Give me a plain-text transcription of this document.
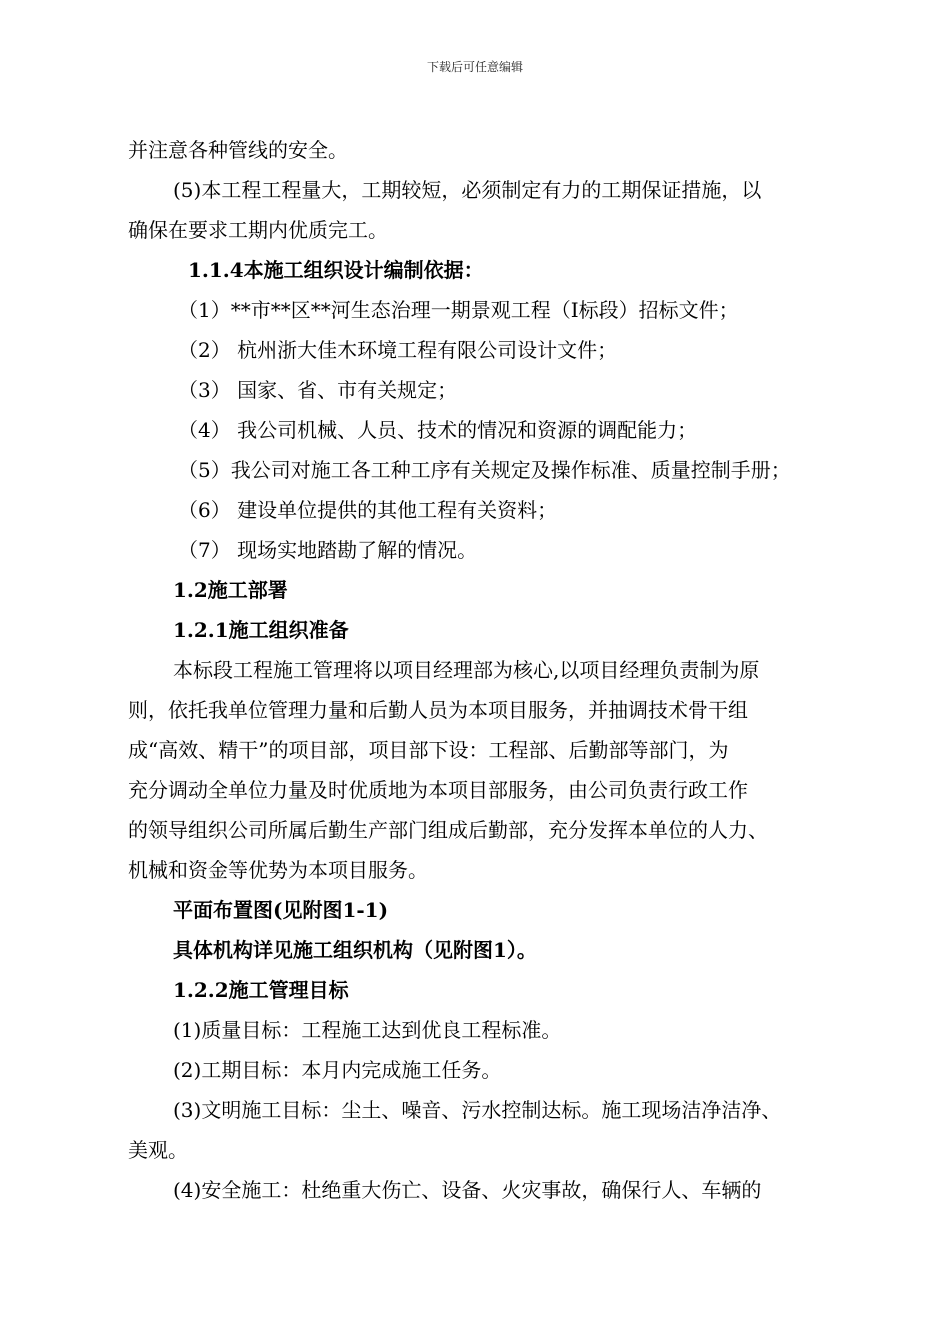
下载后可任意编辑
并注意各种管线的安全。
(5)本工程工程量大，工期较短，必须制定有力的工期保证措施，以
确保在要求工期内优质完工。
1.1.4本施工组织设计编制依据：
（1）**市**区**河生态治理一期景观工程（Ⅰ标段）招标文件；
（2） 杭州浙大佳木环境工程有限公司设计文件；
（3） 国家、省、市有关规定；
（4） 我公司机械、人员、技术的情况和资源的调配能力；
（5）我公司对施工各工种工序有关规定及操作标准、质量控制手册；
（6） 建设单位提供的其他工程有关资料；
（7） 现场实地踏勘了解的情况。
1.2施工部署
1.2.1施工组织准备
本标段工程施工管理将以项目经理部为核心,以项目经理负责制为原
则，依托我单位管理力量和后勤人员为本项目服务，并抽调技术骨干组
成“高效、精干”的项目部，项目部下设：工程部、后勤部等部门，为
充分调动全单位力量及时优质地为本项目部服务，由公司负责行政工作
的领导组织公司所属后勤生产部门组成后勤部，充分发挥本单位的人力、
机械和资金等优势为本项目服务。
平面布置图(见附图1-1)
具体机构详见施工组织机构（见附图1）。
1.2.2施工管理目标
(1)质量目标：工程施工达到优良工程标准。
(2)工期目标：本月内完成施工任务。
(3)文明施工目标：尘土、噪音、污水控制达标。施工现场洁净洁净、
美观。
(4)安全施工：杜绝重大伤亡、设备、火灾事故，确保行人、车辆的
